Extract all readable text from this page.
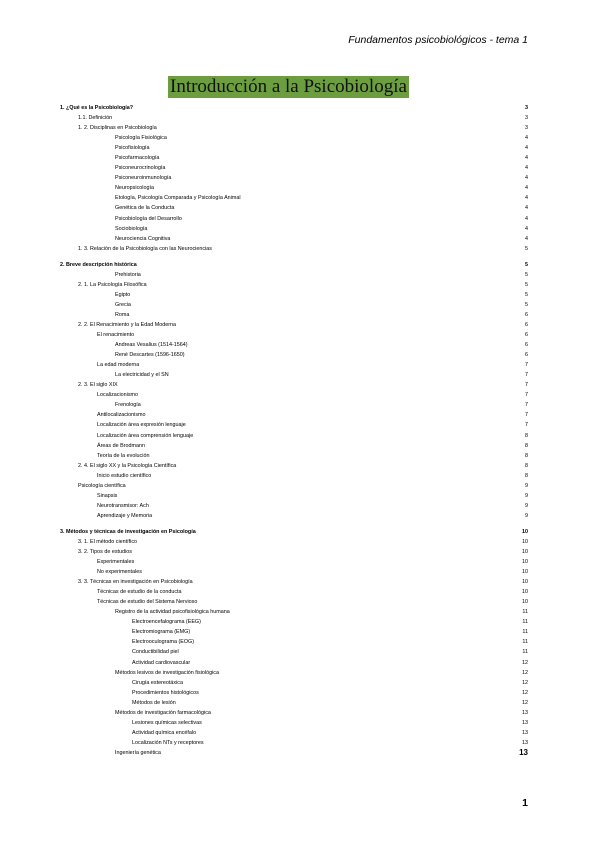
Fundamentos psicobiológicos - tema 1
Introducción a la Psicobiología
1. ¿Qué es la Psicobiología?	3
1.1. Definición	3
1. 2. Disciplinas en Psicobiología	3
Psicología Fisiológica	4
Psicofisiología	4
Psicofarmacología	4
Psiconeurocrinología	4
Psiconeuroinmunología	4
Neuropsicología	4
Etología, Psicología Comparada y Psicología Animal	4
Genética de la Conducta	4
Psicobiología del Desarrollo	4
Sociobiología	4
Neurociencia Cognitiva	4
1. 3. Relación de la Psicobiología con las Neurociencias	5
2. Breve descripción histórica	5
Prehistoria	5
2. 1. La Psicología Filosófica	5
Egipto	5
Grecia	5
Roma	6
2. 2. El Renacimiento y la Edad Moderna	6
El renacimiento	6
Andreas Vesalius (1514-1564)	6
René Descartes (1596-1650)	6
La edad moderna	7
La electricidad y el SN	7
2. 3. El siglo XIX	7
Localizacionismo	7
Frenología	7
Antilocalizacionismo	7
Localización área expresión lenguaje	7
Localización área comprensión lenguaje	8
Áreas de Brodmann	8
Teoría de la evolución	8
2. 4. El siglo XX y la Psicología Científica	8
Inicio estudio científico	8
Psicología científica	9
Sinapsis	9
Neurotransmisor: Ach	9
Aprendizaje y Memoria	9
3. Métodos y técnicas de investigación en Psicología	10
3. 1. El método científico	10
3. 2. Tipos de estudios	10
Experimentales	10
No experimentales	10
3. 3. Técnicas en investigación en Psicobiología	10
Técnicas de estudio de la conducta	10
Técnicas de estudio del Sistema Nervioso	10
Registro de la actividad psicofisiológica humana	11
Electroencefalograma (EEG)	11
Electromiograma (EMG)	11
Electrooculograma (EOG)	11
Conductibilidad piel	11
Actividad cardiovascular	12
Métodos lesivos de investigación fisiológica	12
Cirugía estereotáxica	12
Procedimientos histológicos	12
Métodos de lesión	12
Métodos de investigación farmacológica	13
Lesiones químicas selectivas	13
Actividad química encéfalo	13
Localización NTs y receptores	13
Ingeniería genética	13
1
